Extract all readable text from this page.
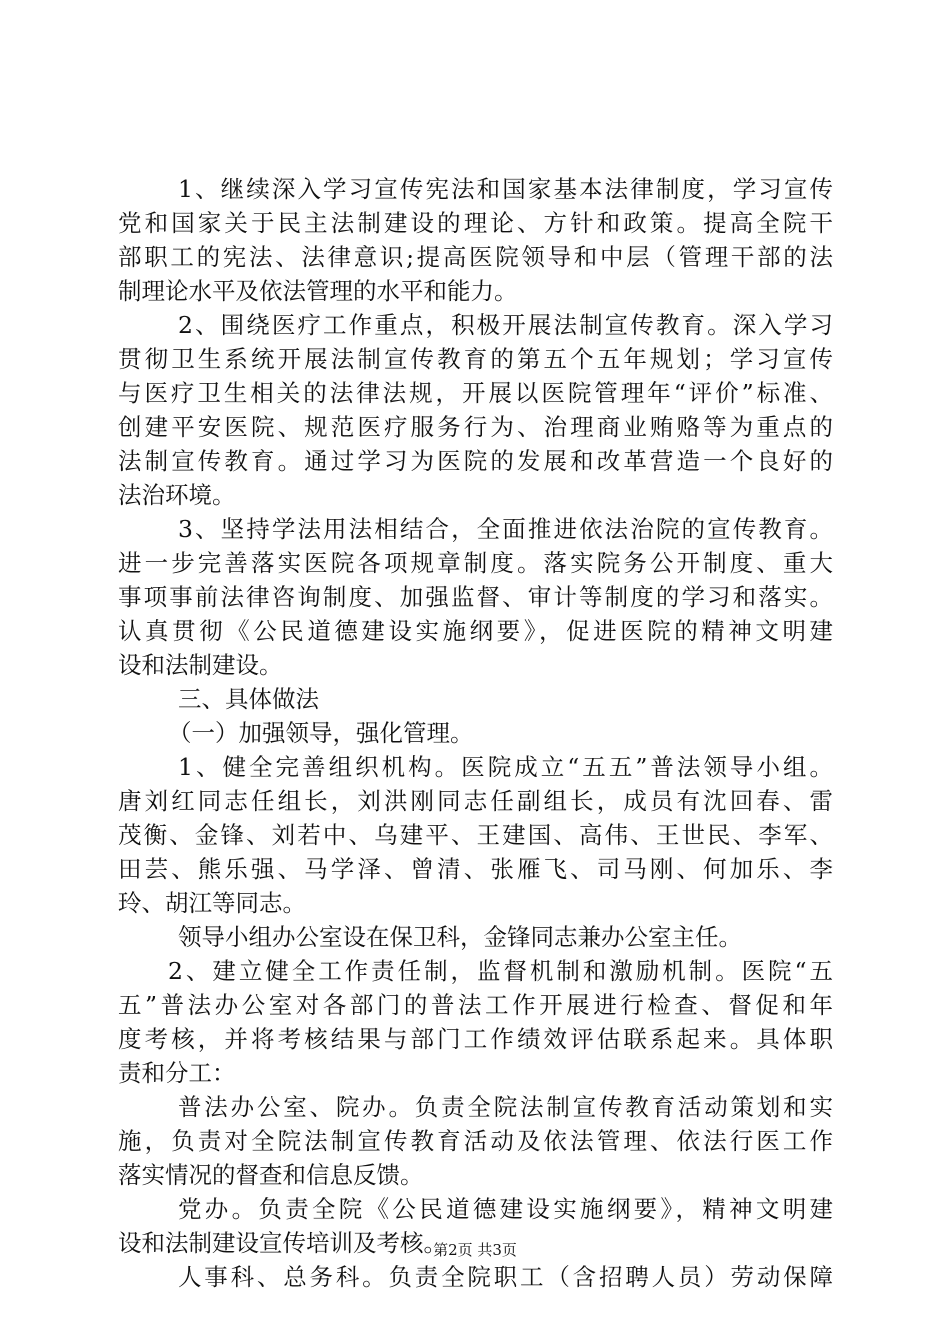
1、继续深入学习宣传宪法和国家基本法律制度，学习宣传
党和国家关于民主法制建设的理论、方针和政策。提高全院干
部职工的宪法、法律意识;提高医院领导和中层（管理干部的法
制理论水平及依法管理的水平和能力。
2、围绕医疗工作重点，积极开展法制宣传教育。深入学习
贯彻卫生系统开展法制宣传教育的第五个五年规划；学习宣传
与医疗卫生相关的法律法规，开展以医院管理年“评价”标准、
创建平安医院、规范医疗服务行为、治理商业贿赂等为重点的
法制宣传教育。通过学习为医院的发展和改革营造一个良好的
法治环境。
3、坚持学法用法相结合，全面推进依法治院的宣传教育。
进一步完善落实医院各项规章制度。落实院务公开制度、重大
事项事前法律咨询制度、加强监督、审计等制度的学习和落实。
认真贯彻《公民道德建设实施纲要》，促进医院的精神文明建
设和法制建设。
三、具体做法
（一）加强领导，强化管理。
1、健全完善组织机构。医院成立“五五”普法领导小组。
唐刘红同志任组长，刘洪刚同志任副组长，成员有沈回春、雷
茂衡、金锋、刘若中、乌建平、王建国、高伟、王世民、李军、
田芸、熊乐强、马学泽、曾清、张雁飞、司马刚、何加乐、李
玲、胡江等同志。
领导小组办公室设在保卫科，金锋同志兼办公室主任。
2、建立健全工作责任制，监督机制和激励机制。医院“五
五”普法办公室对各部门的普法工作开展进行检查、督促和年
度考核，并将考核结果与部门工作绩效评估联系起来。具体职
责和分工：
普法办公室、院办。负责全院法制宣传教育活动策划和实
施，负责对全院法制宣传教育活动及依法管理、依法行医工作
落实情况的督查和信息反馈。
党办。负责全院《公民道德建设实施纲要》，精神文明建
设和法制建设宣传培训及考核。
人事科、总务科。负责全院职工（含招聘人员）劳动保障
第2页 共3页
